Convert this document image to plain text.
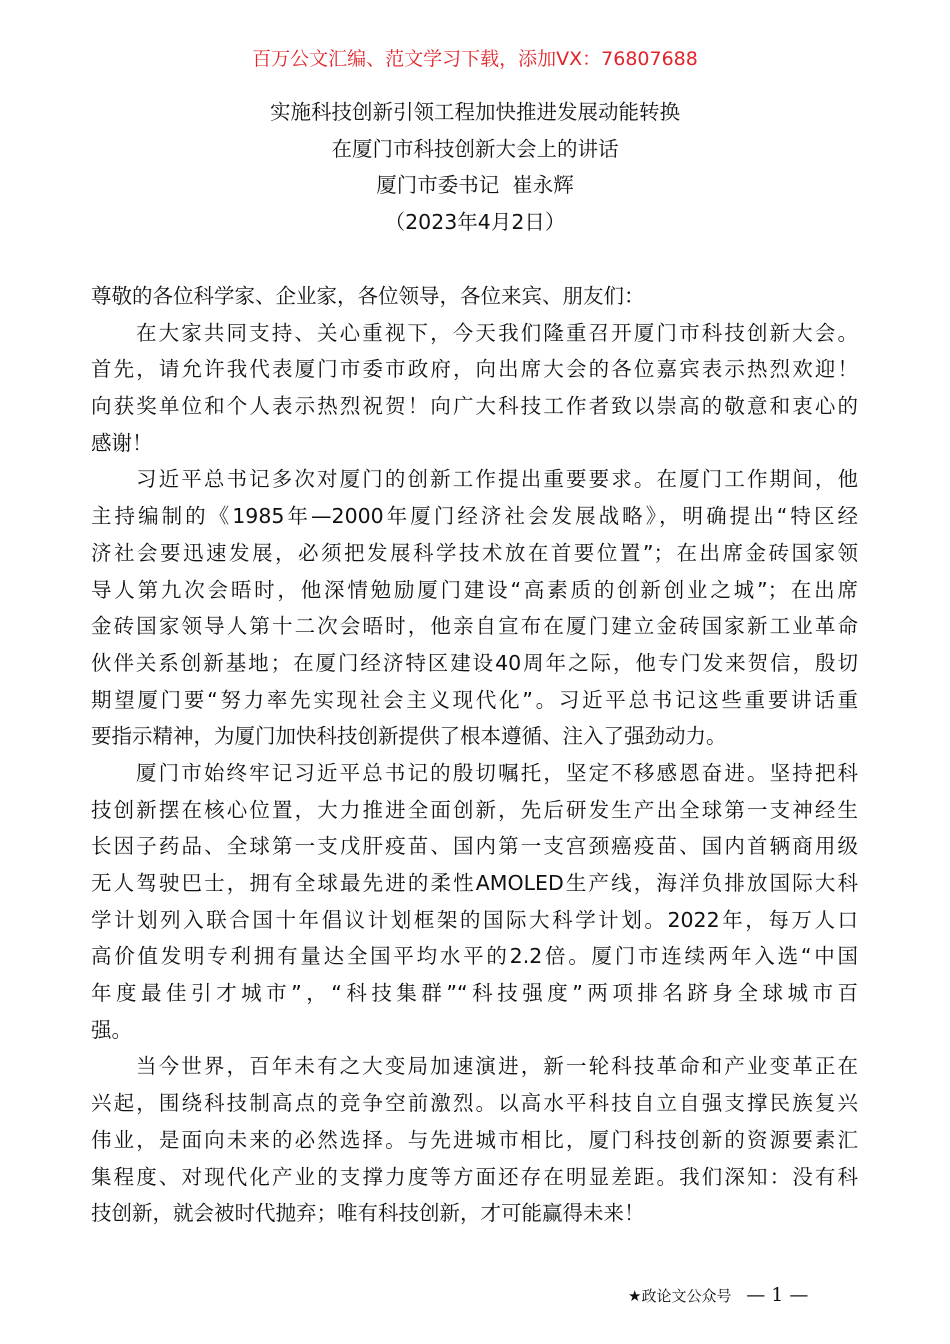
百万公文汇编、范文学习下载，添加VX：76807688
实施科技创新引领工程加快推进发展动能转换
在厦门市科技创新大会上的讲话
厦门市委书记  崔永辉
（2023年4月2日）
尊敬的各位科学家、企业家，各位领导，各位来宾、朋友们：
在大家共同支持、关心重视下，今天我们隆重召开厦门市科技创新大会。
首先，请允许我代表厦门市委市政府，向出席大会的各位嘉宾表示热烈欢迎！
向获奖单位和个人表示热烈祝贺！向广大科技工作者致以崇高的敬意和衷心的
感谢！
习近平总书记多次对厦门的创新工作提出重要要求。在厦门工作期间，他
主持编制的《1985年—2000年厦门经济社会发展战略》，明确提出“特区经
济社会要迅速发展，必须把发展科学技术放在首要位置”；在出席金砖国家领
导人第九次会晤时，他深情勉励厦门建设“高素质的创新创业之城”；在出席
金砖国家领导人第十二次会晤时，他亲自宣布在厦门建立金砖国家新工业革命
伙伴关系创新基地；在厦门经济特区建设40周年之际，他专门发来贺信，殷切
期望厦门要“努力率先实现社会主义现代化”。习近平总书记这些重要讲话重
要指示精神，为厦门加快科技创新提供了根本遵循、注入了强劲动力。
厦门市始终牢记习近平总书记的殷切嘱托，坚定不移感恩奋进。坚持把科
技创新摆在核心位置，大力推进全面创新，先后研发生产出全球第一支神经生
长因子药品、全球第一支戊肝疫苗、国内第一支宫颈癌疫苗、国内首辆商用级
无人驾驶巴士，拥有全球最先进的柔性AMOLED生产线，海洋负排放国际大科
学计划列入联合国十年倡议计划框架的国际大科学计划。2022年，每万人口
高价值发明专利拥有量达全国平均水平的2.2倍。厦门市连续两年入选“中国
年度最佳引才城市”，“科技集群”“科技强度”两项排名跻身全球城市百
强。
当今世界，百年未有之大变局加速演进，新一轮科技革命和产业变革正在
兴起，围绕科技制高点的竞争空前激烈。以高水平科技自立自强支撑民族复兴
伟业，是面向未来的必然选择。与先进城市相比，厦门科技创新的资源要素汇
集程度、对现代化产业的支撑力度等方面还存在明显差距。我们深知：没有科
技创新，就会被时代抛弃；唯有科技创新，才可能赢得未来！
★政论文公众号 — 1 —
